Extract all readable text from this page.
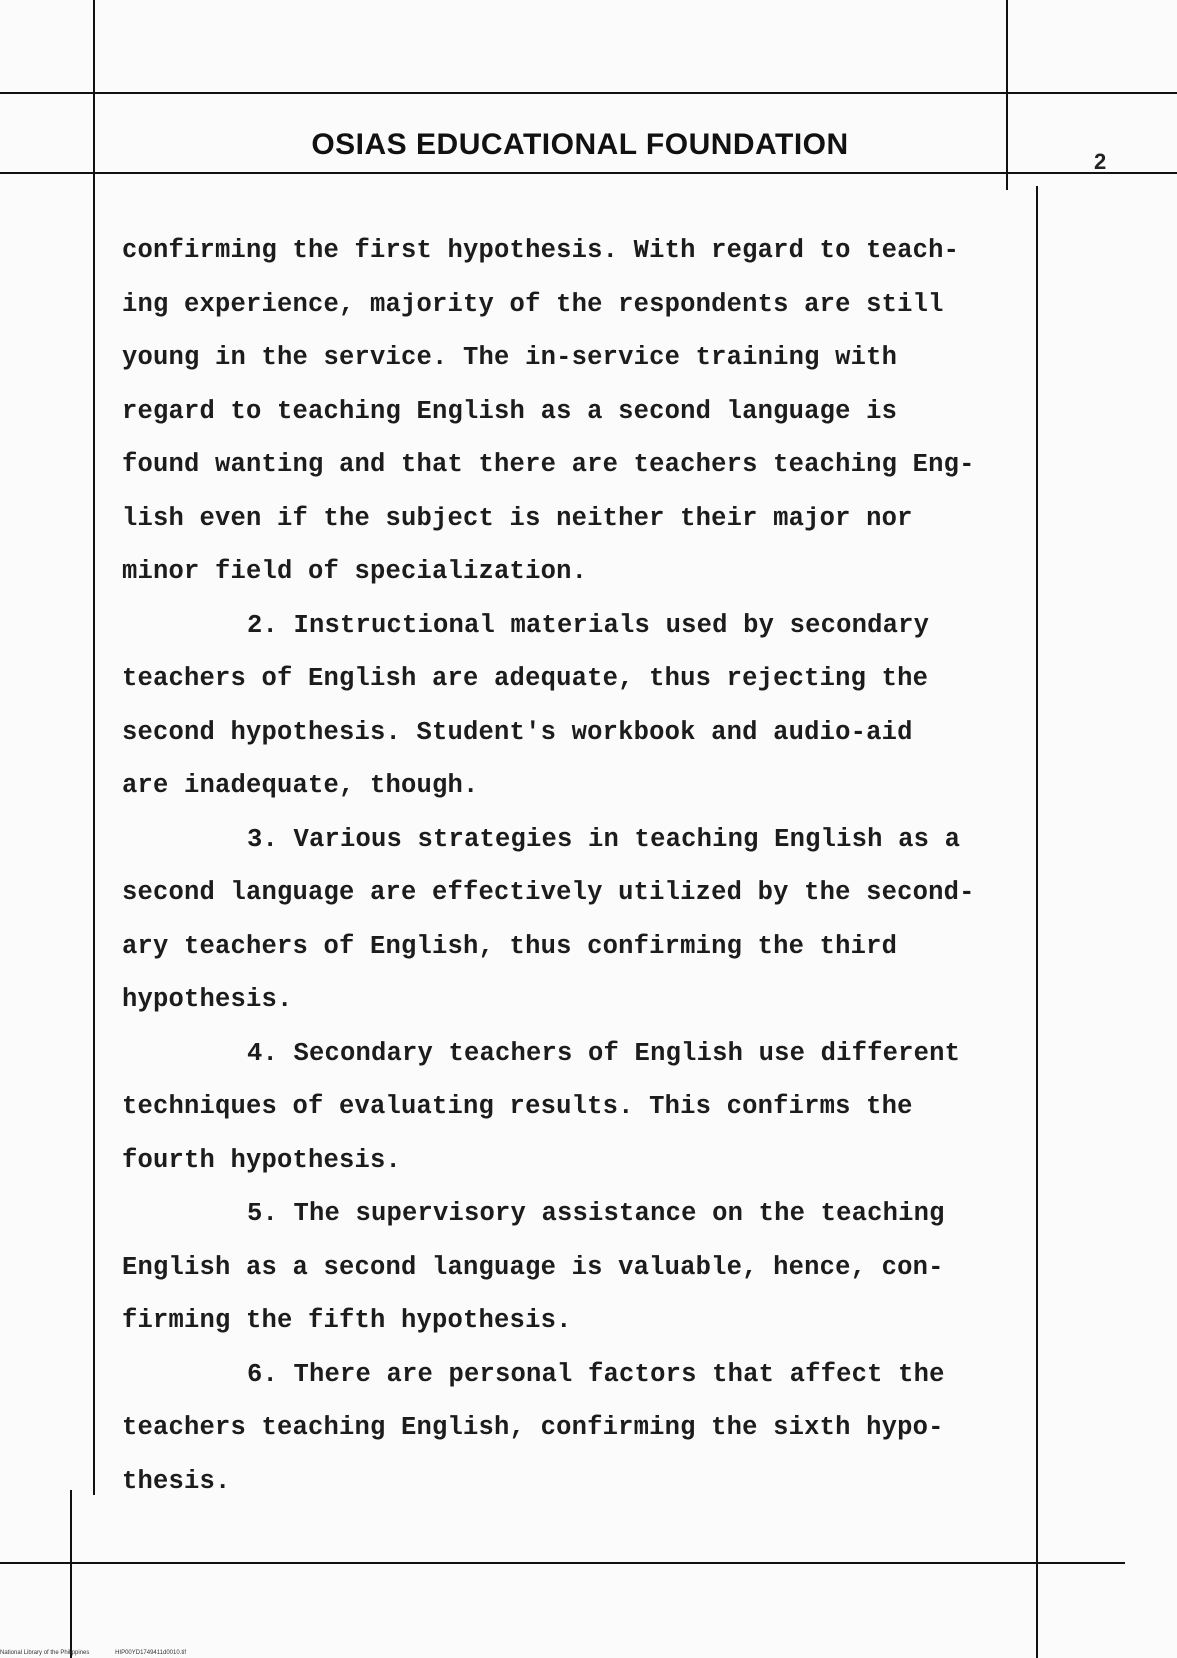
OSIAS EDUCATIONAL FOUNDATION
2

confirming the first hypothesis. With regard to teach-
ing experience, majority of the respondents are still
young in the service. The in-service training with
regard to teaching English as a second language is
found wanting and that there are teachers teaching Eng-
lish even if the subject is neither their major nor
minor field of specialization.

2. Instructional materials used by secondary
teachers of English are adequate, thus rejecting the
second hypothesis. Student's workbook and audio-aid
are inadequate, though.

3. Various strategies in teaching English as a
second language are effectively utilized by the second-
ary teachers of English, thus confirming the third
hypothesis.

4. Secondary teachers of English use different
techniques of evaluating results. This confirms the
fourth hypothesis.

5. The supervisory assistance on the teaching
English as a second language is valuable, hence, con-
firming the fifth hypothesis.

6. There are personal factors that affect the
teachers teaching English, confirming the sixth hypo-
thesis.

National Library of the Philippines	HIP00YD1749411d0010.tif
